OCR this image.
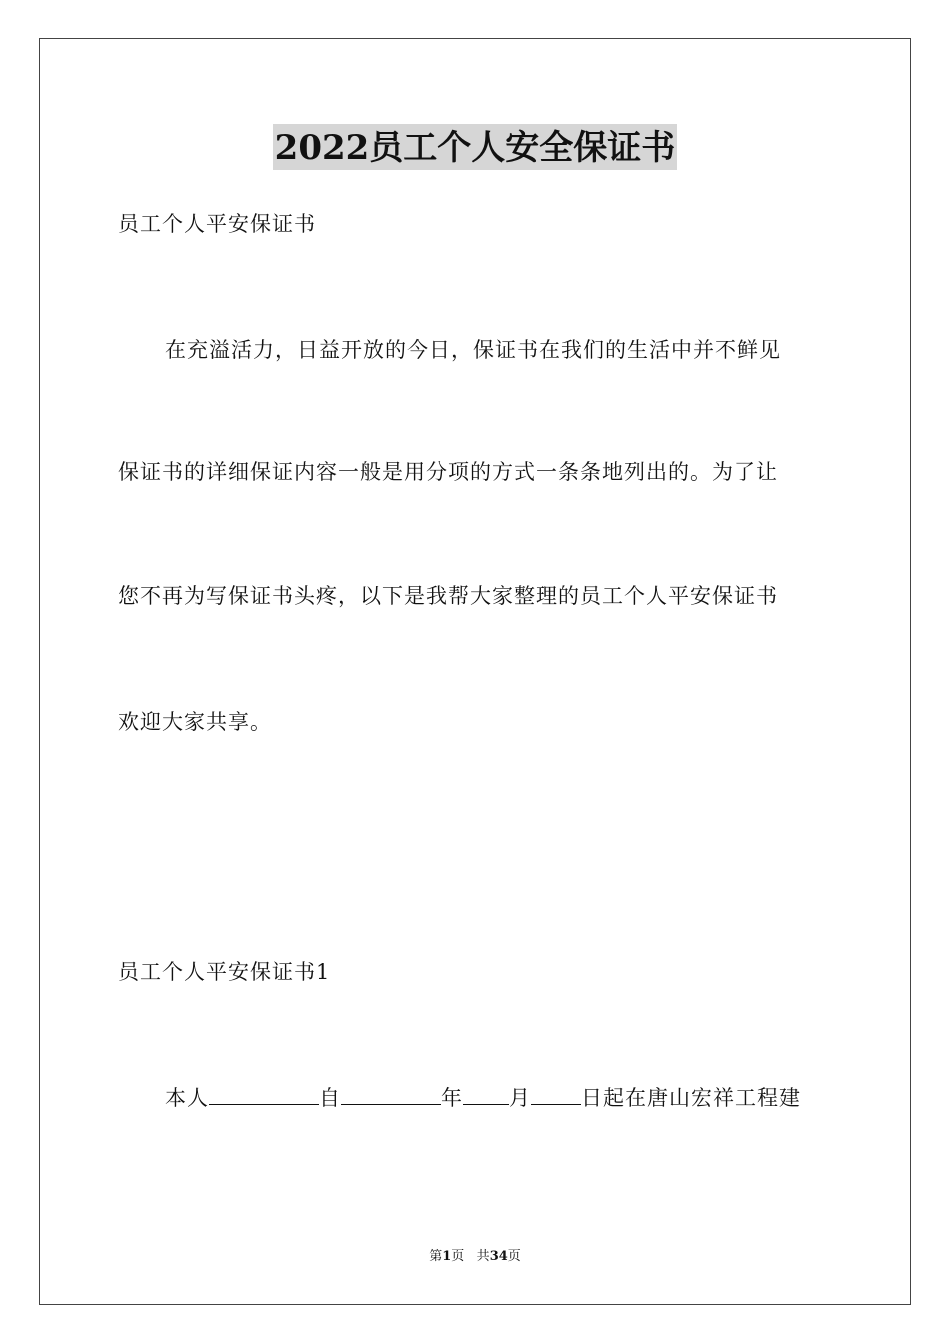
2022员工个人安全保证书
员工个人平安保证书
在充溢活力，日益开放的今日，保证书在我们的生活中并不鲜见
保证书的详细保证内容一般是用分项的方式一条条地列出的。为了让
您不再为写保证书头疼，以下是我帮大家整理的员工个人平安保证书
欢迎大家共享。
员工个人平安保证书1
本人	自	年 月 日起在唐山宏祥工程建
第1页 共34页
